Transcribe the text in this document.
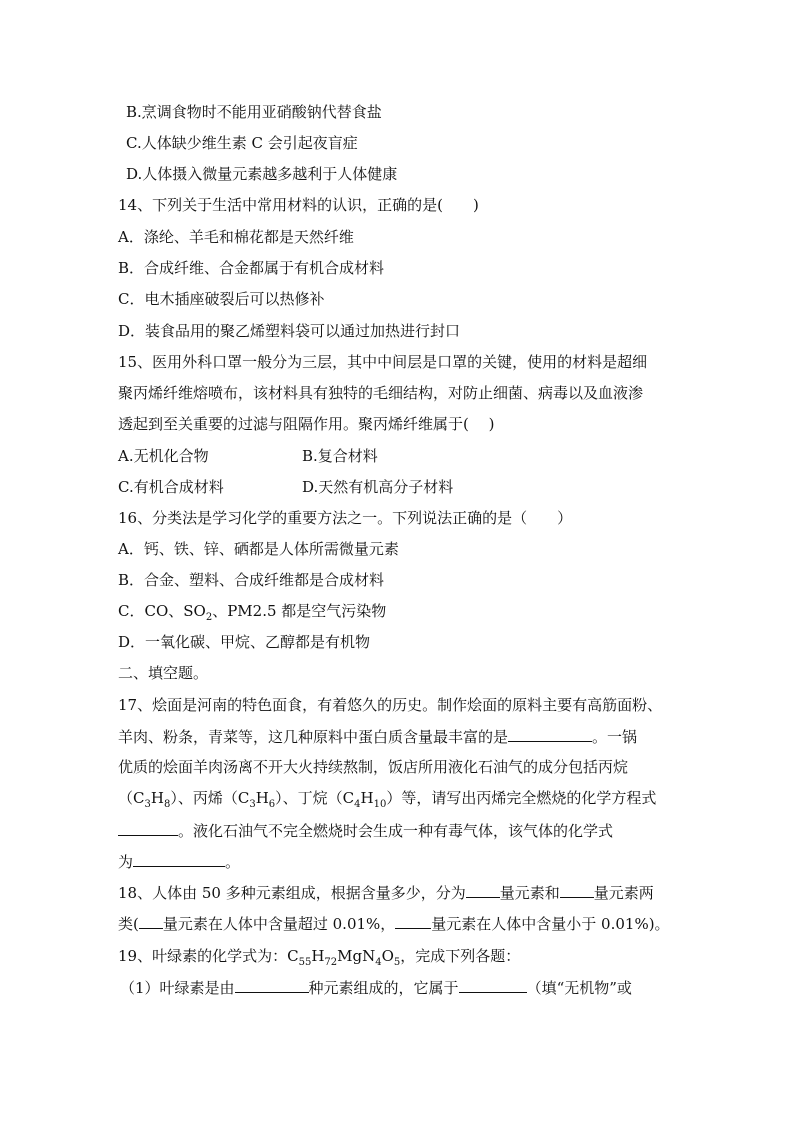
B.烹调食物时不能用亚硝酸钠代替食盐
C.人体缺少维生素 C 会引起夜盲症
D.人体摄入微量元素越多越利于人体健康
14、下列关于生活中常用材料的认识，正确的是(　　)
A．涤纶、羊毛和棉花都是天然纤维
B．合成纤维、合金都属于有机合成材料
C．电木插座破裂后可以热修补
D．装食品用的聚乙烯塑料袋可以通过加热进行封口
15、医用外科口罩一般分为三层，其中中间层是口罩的关键，使用的材料是超细
聚丙烯纤维熔喷布，该材料具有独特的毛细结构，对防止细菌、病毒以及血液渗
透起到至关重要的过滤与阻隔作用。聚丙烯纤维属于(　 )
A.无机化合物	B.复合材料
C.有机合成材料	D.天然有机高分子材料
16、分类法是学习化学的重要方法之一。下列说法正确的是（　　）
A．钙、铁、锌、硒都是人体所需微量元素
B．合金、塑料、合成纤维都是合成材料
C．CO、$SO_2$、PM2.5 都是空气污染物
D．一氧化碳、甲烷、乙醇都是有机物
二、填空题。
17、烩面是河南的特色面食，有着悠久的历史。制作烩面的原料主要有高筋面粉、
羊肉、粉条，青菜等，这几种原料中蛋白质含量最丰富的是	。一锅
优质的烩面羊肉汤离不开大火持续熬制，饭店所用液化石油气的成分包括丙烷
$(C_3H_8)$、丙烯$(C_3H_6)$、丁烷$(C_4H_{10})$等，请写出丙烯完全燃烧的化学方程式
。液化石油气不完全燃烧时会生成一种有毒气体，该气体的化学式
为	。
18、人体由 50 多种元素组成，根据含量多少，分为 量元素和 量元素两
类( 量元素在人体中含量超过 0.01%， 量元素在人体中含量小于 0.01%)。
19、叶绿素的化学式为：$C_{55}H_{72}MgN_4O_5$，完成下列各题：
（1）叶绿素是由	种元素组成的，它属于	（填“无机物”或
